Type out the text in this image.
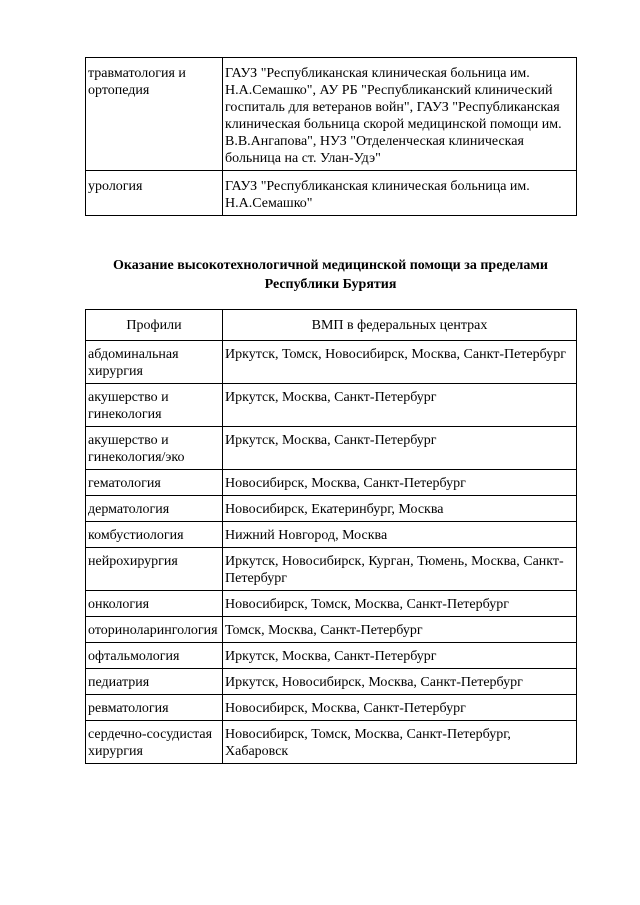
травматология и ортопедия	ГАУЗ "Республиканская клиническая больница им. Н.А.Семашко", АУ РБ "Республиканский клинический госпиталь для ветеранов войн", ГАУЗ "Республиканская клиническая больница скорой медицинской помощи им. В.В.Ангапова", НУЗ "Отделенческая клиническая больница на ст. Улан-Удэ"
урология	ГАУЗ "Республиканская клиническая больница им. Н.А.Семашко"

Оказание высокотехнологичной медицинской помощи за пределами Республики Бурятия

Профили	ВМП в федеральных центрах
абдоминальная хирургия	Иркутск, Томск, Новосибирск, Москва, Санкт-Петербург
акушерство и гинекология	Иркутск, Москва, Санкт-Петербург
акушерство и гинекология/эко	Иркутск, Москва, Санкт-Петербург
гематология	Новосибирск, Москва, Санкт-Петербург
дерматология	Новосибирск, Екатеринбург, Москва
комбустиология	Нижний Новгород, Москва
нейрохирургия	Иркутск, Новосибирск, Курган, Тюмень, Москва, Санкт-Петербург
онкология	Новосибирск, Томск, Москва, Санкт-Петербург
оториноларингология	Томск, Москва, Санкт-Петербург
офтальмология	Иркутск, Москва, Санкт-Петербург
педиатрия	Иркутск, Новосибирск, Москва, Санкт-Петербург
ревматология	Новосибирск, Москва, Санкт-Петербург
сердечно-сосудистая хирургия	Новосибирск, Томск, Москва, Санкт-Петербург, Хабаровск
